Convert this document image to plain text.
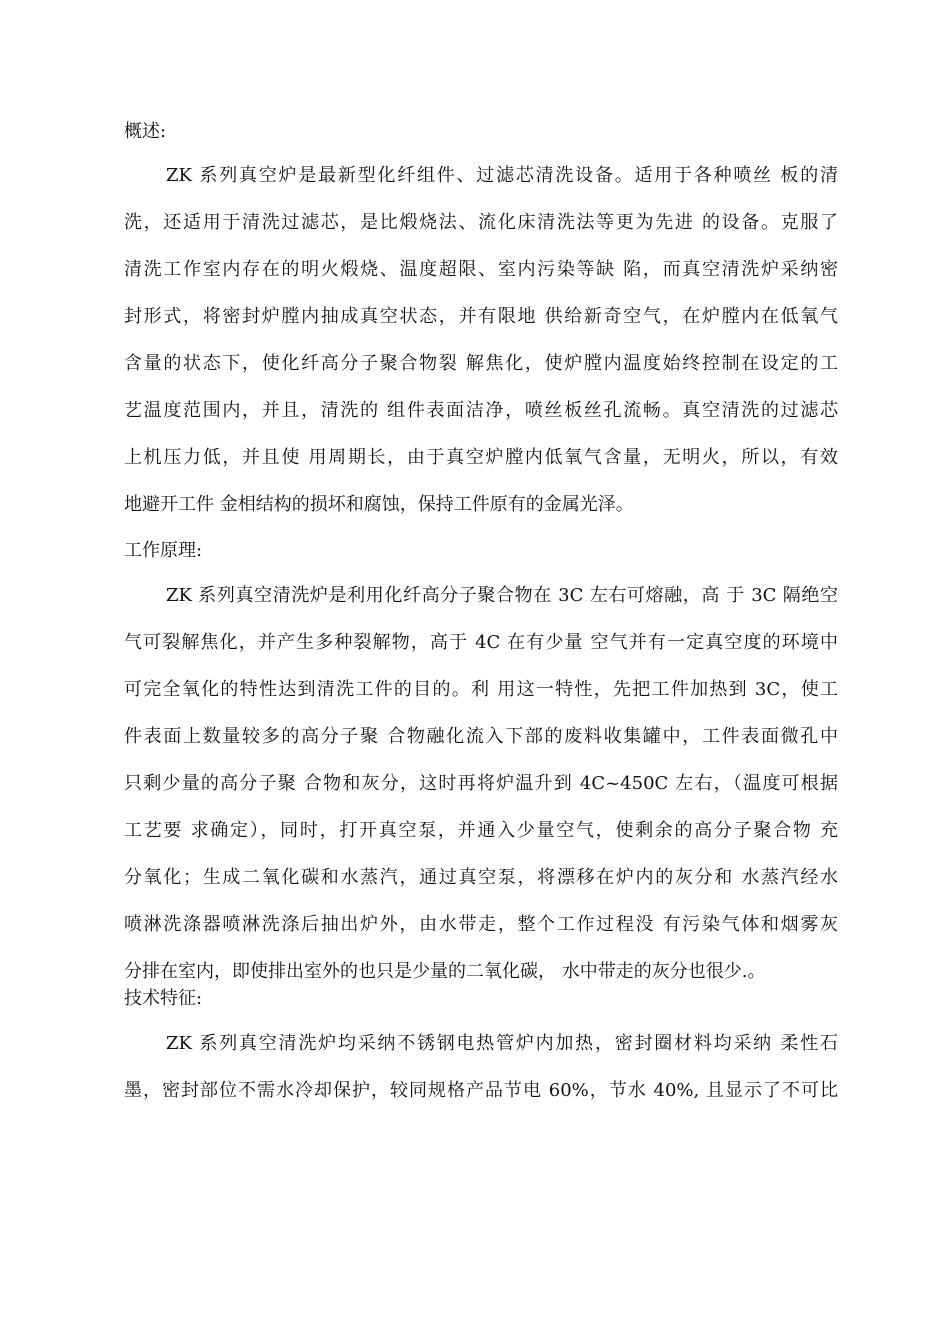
概述:
ZK 系列真空炉是最新型化纤组件、过滤芯清洗设备。适用于各种喷丝 板的清
洗，还适用于清洗过滤芯，是比煅烧法、流化床清洗法等更为先进 的设备。克服了
清洗工作室内存在的明火煅烧、温度超限、室内污染等缺 陷，而真空清洗炉采纳密
封形式，将密封炉膛内抽成真空状态，并有限地 供给新奇空气，在炉膛内在低氧气
含量的状态下，使化纤高分子聚合物裂 解焦化，使炉膛内温度始终控制在设定的工
艺温度范围内，并且，清洗的 组件表面洁净，喷丝板丝孔流畅。真空清洗的过滤芯
上机压力低，并且使 用周期长，由于真空炉膛内低氧气含量，无明火，所以，有效
地避开工件 金相结构的损坏和腐蚀，保持工件原有的金属光泽。
工作原理:
ZK 系列真空清洗炉是利用化纤高分子聚合物在 3C 左右可熔融，高 于 3C 隔绝空
气可裂解焦化，并产生多种裂解物，高于 4C 在有少量 空气并有一定真空度的环境中
可完全氧化的特性达到清洗工件的目的。利 用这一特性，先把工件加热到 3C，使工
件表面上数量较多的高分子聚 合物融化流入下部的废料收集罐中，工件表面微孔中
只剩少量的高分子聚 合物和灰分，这时再将炉温升到 4C~450C 左右，（温度可根据
工艺要 求确定），同时，打开真空泵，并通入少量空气，使剩余的高分子聚合物 充
分氧化；生成二氧化碳和水蒸汽，通过真空泵，将漂移在炉内的灰分和 水蒸汽经水
喷淋洗涤器喷淋洗涤后抽出炉外，由水带走，整个工作过程没 有污染气体和烟雾灰
分排在室内，即使排出室外的也只是少量的二氧化碳， 水中带走的灰分也很少.。
技术特征:
ZK 系列真空清洗炉均采纳不锈钢电热管炉内加热，密封圈材料均采纳 柔性石
墨，密封部位不需水冷却保护，较同规格产品节电 60%，节水 40%, 且显示了不可比
